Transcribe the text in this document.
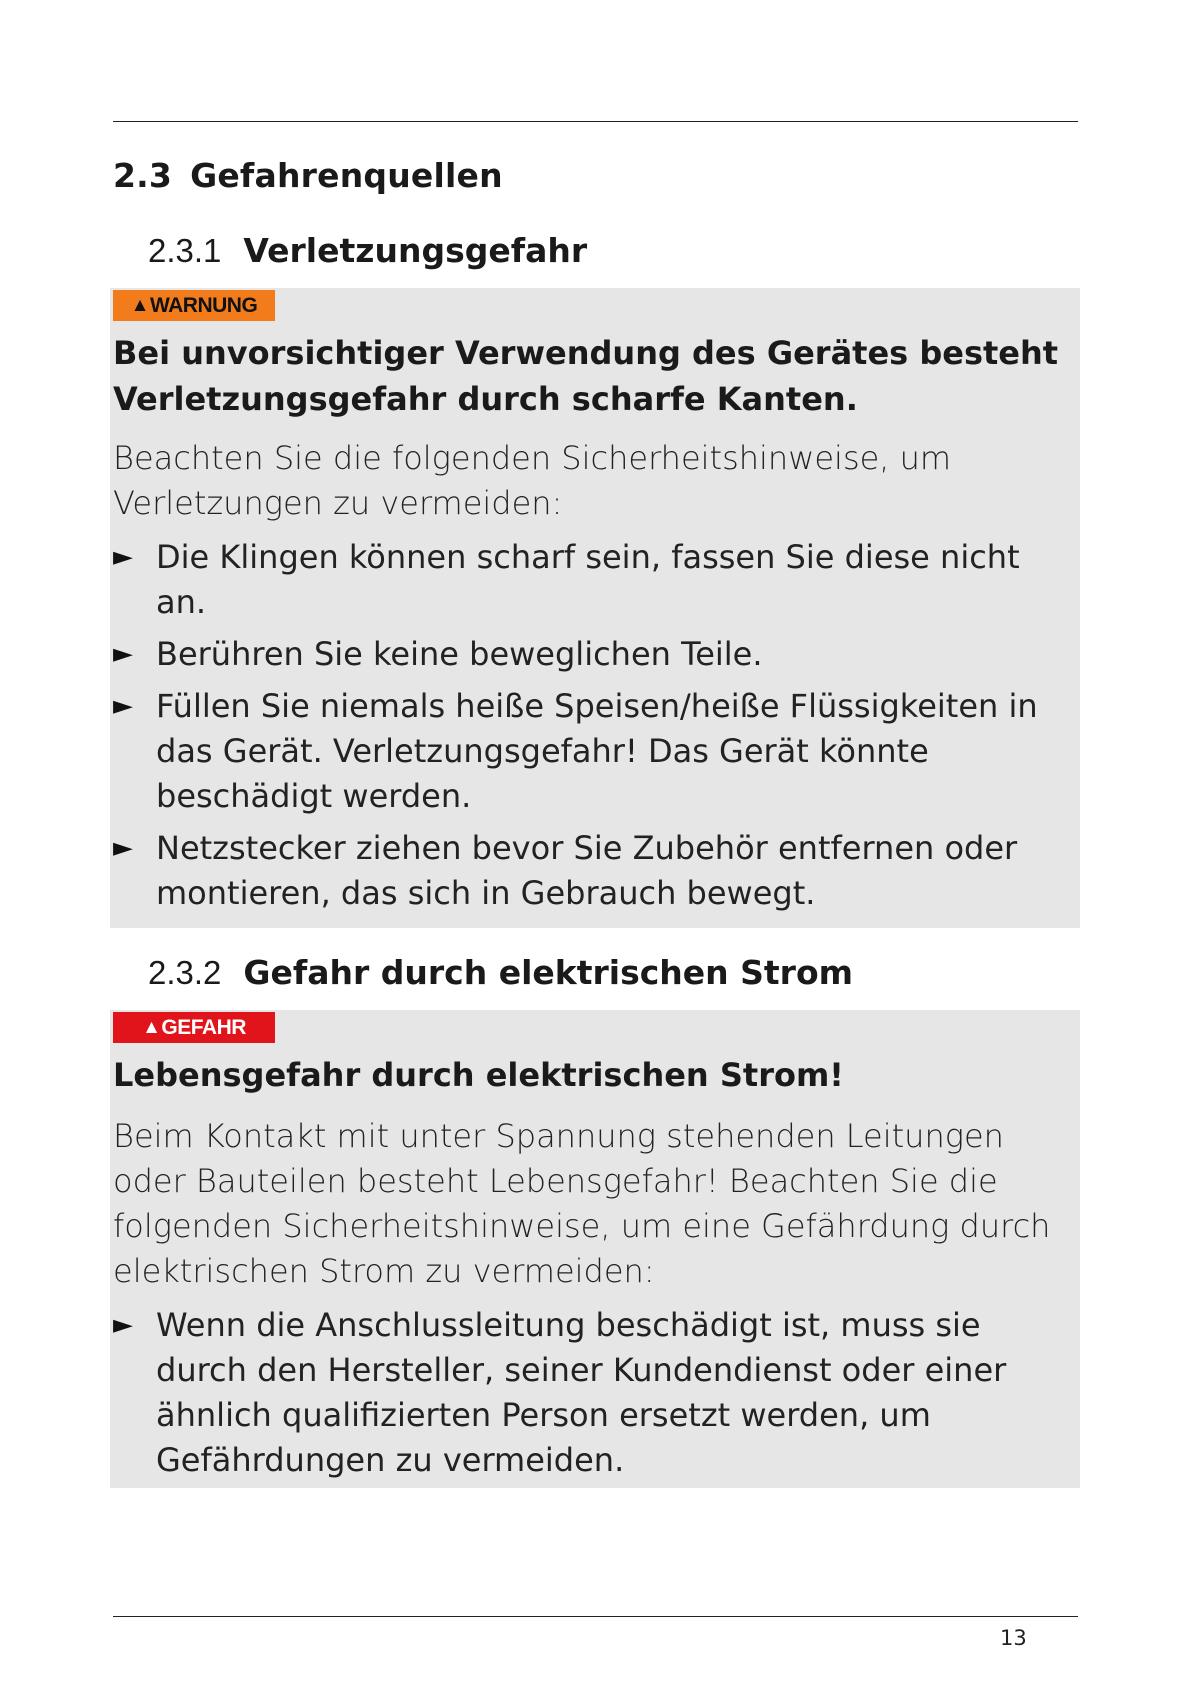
2.3 Gefahrenquellen
2.3.1 Verletzungsgefahr
▲ WARNUNG

Bei unvorsichtiger Verwendung des Gerätes besteht Verletzungsgefahr durch scharfe Kanten.

Beachten Sie die folgenden Sicherheitshinweise, um Verletzungen zu vermeiden:

► Die Klingen können scharf sein, fassen Sie diese nicht an.
► Berühren Sie keine beweglichen Teile.
► Füllen Sie niemals heiße Speisen/heiße Flüssigkeiten in das Gerät. Verletzungsgefahr! Das Gerät könnte beschädigt werden.
► Netzstecker ziehen bevor Sie Zubehör entfernen oder montieren, das sich in Gebrauch bewegt.
2.3.2 Gefahr durch elektrischen Strom
▲ GEFAHR

Lebensgefahr durch elektrischen Strom!

Beim Kontakt mit unter Spannung stehenden Leitungen oder Bauteilen besteht Lebensgefahr! Beachten Sie die folgenden Sicherheitshinweise, um eine Gefährdung durch elektrischen Strom zu vermeiden:

► Wenn die Anschlussleitung beschädigt ist, muss sie durch den Hersteller, seiner Kundendienst oder einer ähnlich qualifizierten Person ersetzt werden, um Gefährdungen zu vermeiden.
13
